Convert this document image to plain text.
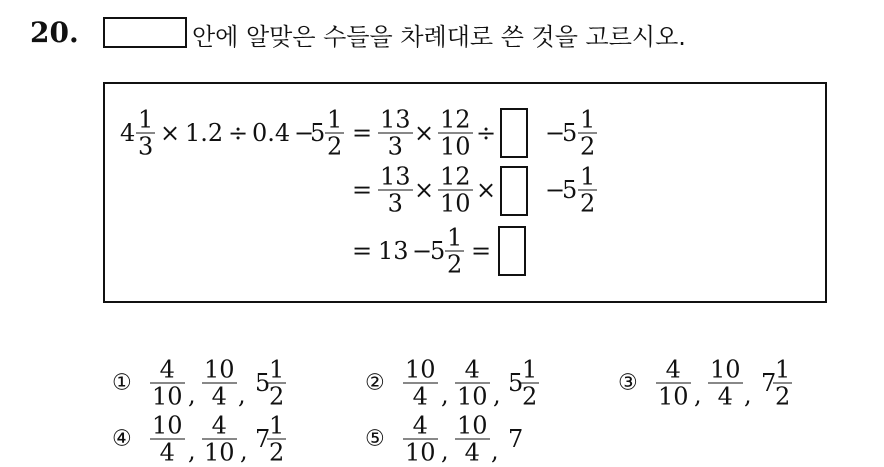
20.	안에 알맞은 수들을 차례대로 쓴 것을 고르시오.
4 1
3 × 1.2 ÷ 0.4 −
5 1
2 = 13
3 × 12
10 ÷ −
5 1
2
= 13
3 × 12
10 × −
5 1
2
= 13 −
5 1
2 =
① 4
10 ,
10
4 , 5
1
2	② 10
4 ,
4
10 , 5
1
2	③ 4
10 ,
10
4 , 7
1
2
④ 10
4 ,
4
10 , 7
1
2	⑤ 4
10 ,
10
4 , 7
